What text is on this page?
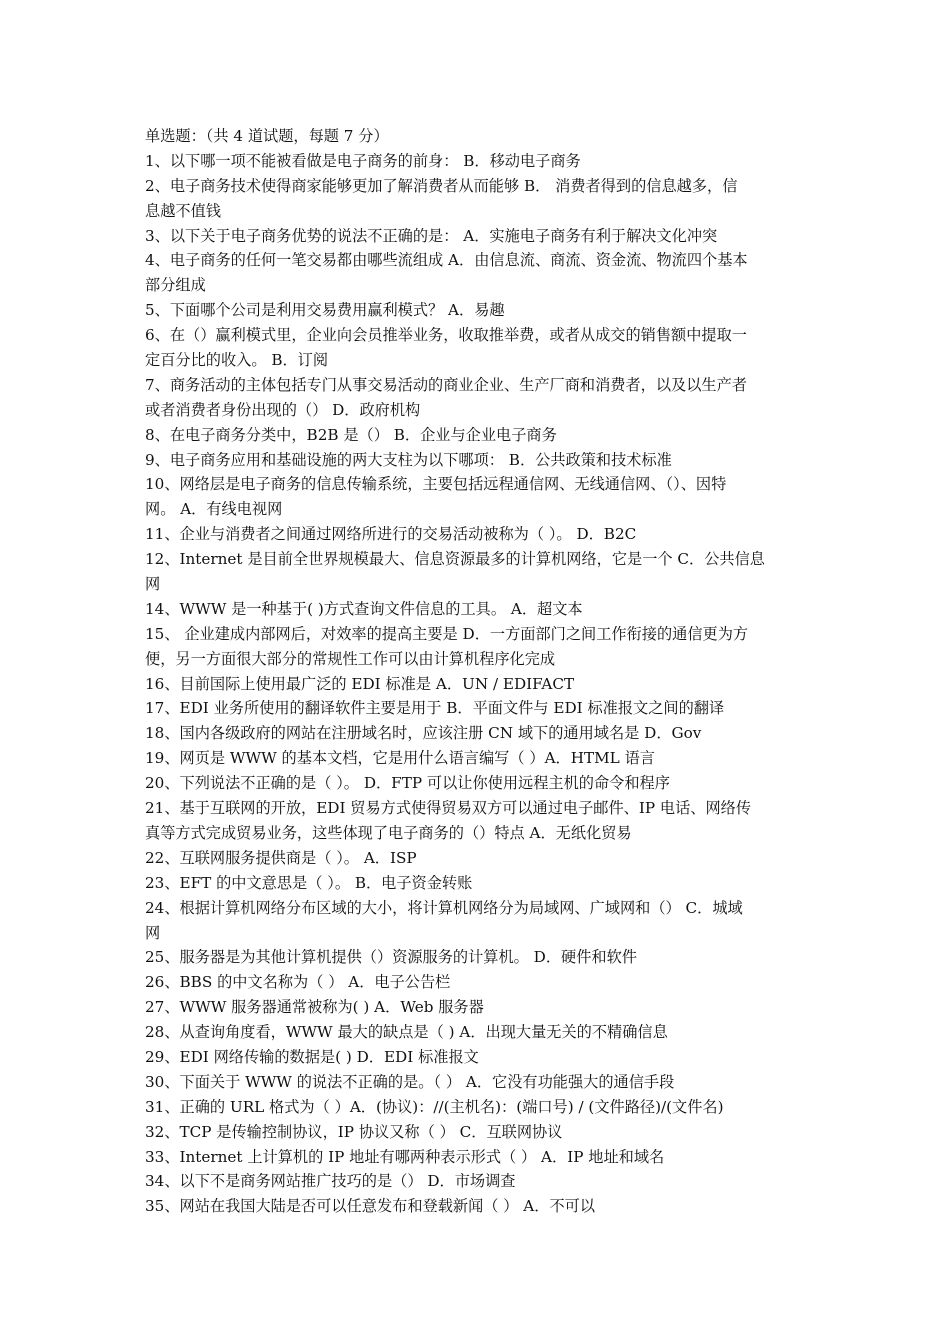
单选题：（共 4 道试题，每题 7 分）
1、以下哪一项不能被看做是电子商务的前身： B．移动电子商务
2、电子商务技术使得商家能够更加了解消费者从而能够 B． 消费者得到的信息越多，信
息越不值钱
3、以下关于电子商务优势的说法不正确的是： A．实施电子商务有利于解决文化冲突
4、电子商务的任何一笔交易都由哪些流组成 A．由信息流、商流、资金流、物流四个基本
部分组成
5、下面哪个公司是利用交易费用赢利模式？ A．易趣
6、在（）赢利模式里，企业向会员推举业务，收取推举费，或者从成交的销售额中提取一
定百分比的收入。 B．订阅
7、商务活动的主体包括专门从事交易活动的商业企业、生产厂商和消费者，以及以生产者
或者消费者身份出现的（） D．政府机构
8、在电子商务分类中，B2B 是（） B．企业与企业电子商务
9、电子商务应用和基础设施的两大支柱为以下哪项： B．公共政策和技术标准
10、网络层是电子商务的信息传输系统，主要包括远程通信网、无线通信网、（）、因特
网。 A．有线电视网
11、企业与消费者之间通过网络所进行的交易活动被称为（ ）。 D．B2C
12、Internet 是目前全世界规模最大、信息资源最多的计算机网络，它是一个 C．公共信息
网
14、WWW 是一种基于( )方式查询文件信息的工具。 A．超文本
15、 企业建成内部网后，对效率的提高主要是 D．一方面部门之间工作衔接的通信更为方
便，另一方面很大部分的常规性工作可以由计算机程序化完成
16、目前国际上使用最广泛的 EDI 标准是 A．UN / EDIFACT
17、EDI 业务所使用的翻译软件主要是用于 B．平面文件与 EDI 标准报文之间的翻译
18、国内各级政府的网站在注册域名时，应该注册 CN 域下的通用域名是 D．Gov
19、网页是 WWW 的基本文档，它是用什么语言编写（ ）A．HTML 语言
20、下列说法不正确的是（ ）。 D．FTP 可以让你使用远程主机的命令和程序
21、基于互联网的开放，EDI 贸易方式使得贸易双方可以通过电子邮件、IP 电话、网络传
真等方式完成贸易业务，这些体现了电子商务的（）特点 A．无纸化贸易
22、互联网服务提供商是（ ）。 A．ISP
23、EFT 的中文意思是（ ）。 B．电子资金转账
24、根据计算机网络分布区域的大小，将计算机网络分为局域网、广域网和（） C．城域
网
25、服务器是为其他计算机提供（）资源服务的计算机。 D．硬件和软件
26、BBS 的中文名称为（ ） A．电子公告栏
27、WWW 服务器通常被称为( ) A．Web 服务器
28、从查询角度看，WWW 最大的缺点是（ ) A．出现大量无关的不精确信息
29、EDI 网络传输的数据是( ) D．EDI 标准报文
30、下面关于 WWW 的说法不正确的是。（ ） A．它没有功能强大的通信手段
31、正确的 URL 格式为（ ）A．(协议)：//(主机名)：(端口号) / (文件路径)/(文件名)
32、TCP 是传输控制协议，IP 协议又称（ ） C．互联网协议
33、Internet 上计算机的 IP 地址有哪两种表示形式（ ） A．IP 地址和域名
34、以下不是商务网站推广技巧的是（） D．市场调查
35、网站在我国大陆是否可以任意发布和登载新闻（ ） A．不可以
